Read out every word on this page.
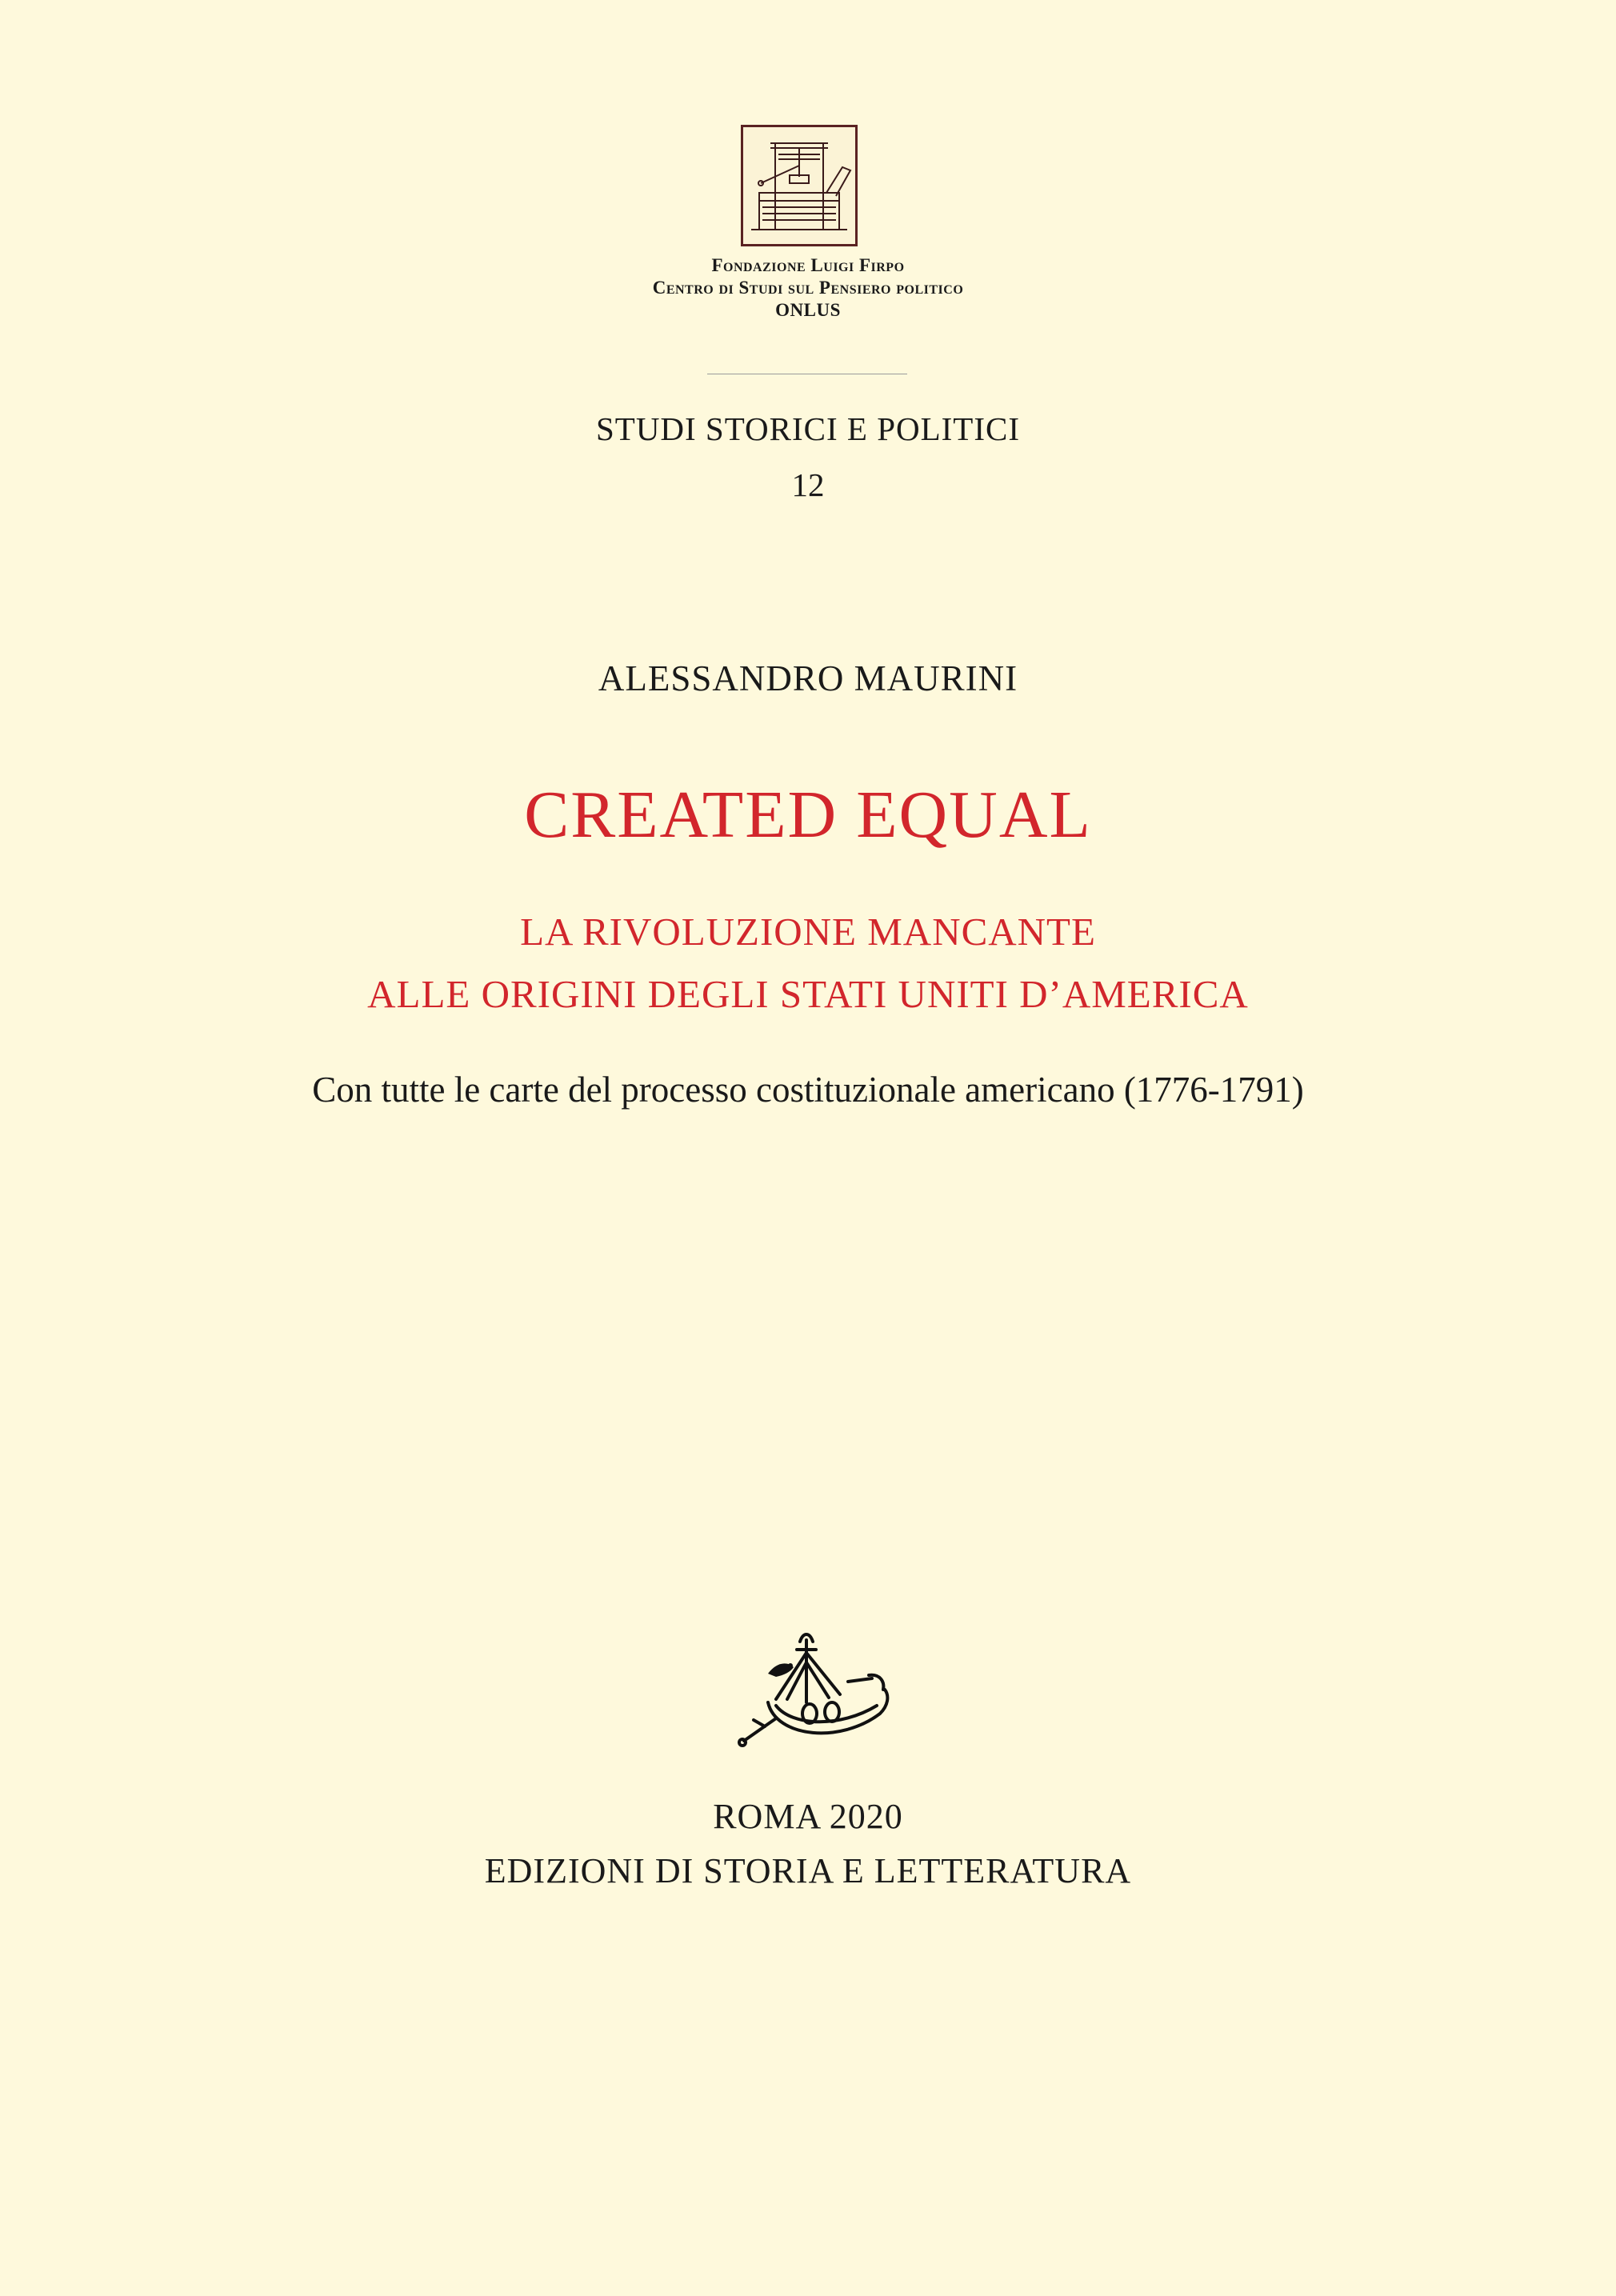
Fondazione Luigi Firpo
Centro di Studi sul Pensiero politico
ONLUS
STUDI STORICI E POLITICI
12
ALESSANDRO MAURINI
CREATED EQUAL
LA RIVOLUZIONE MANCANTE
ALLE ORIGINI DEGLI STATI UNITI D’AMERICA
Con tutte le carte del processo costituzionale americano (1776-1791)
ROMA 2020
EDIZIONI DI STORIA E LETTERATURA
